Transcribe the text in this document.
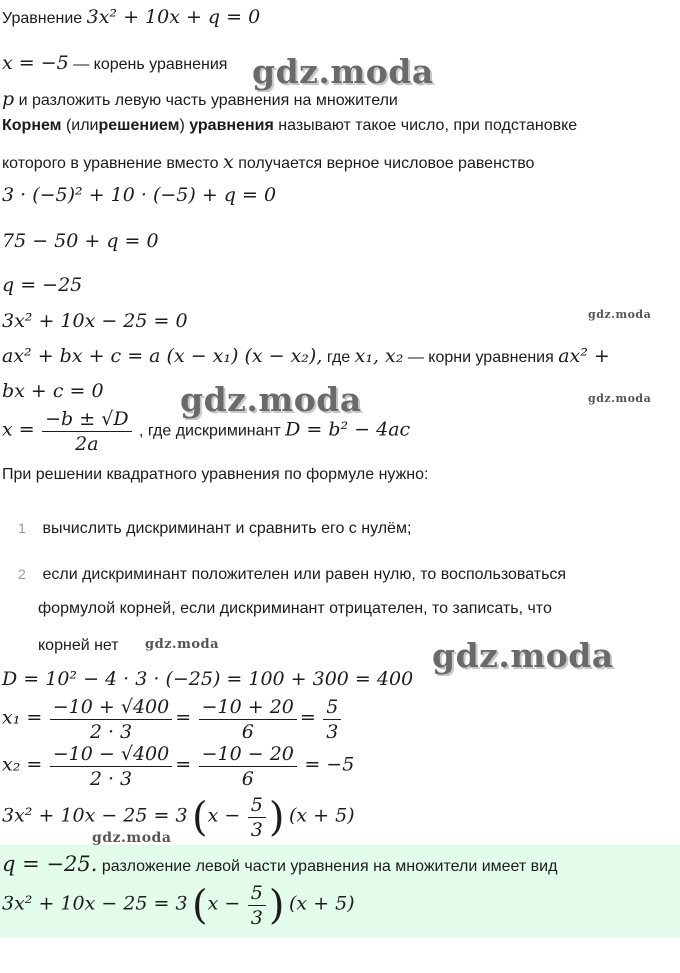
Уравнение 3x² + 10x + q = 0
x = −5 — корень уравнения
p и разложить левую часть уравнения на множители
Корнем (илирешением) уравнения называют такое число, при подстановке
которого в уравнение вместо x получается верное числовое равенство
3 · (−5)² + 10 · (−5) + q = 0
75 − 50 + q = 0
q = −25
3x² + 10x − 25 = 0
ax² + bx + c = a (x − x₁) (x − x₂), где x₁, x₂ — корни уравнения ax² +
bx + c = 0
$x = \frac{-b \pm √D}{2a}$ , где дискриминант D = b² − 4ac
При решении квадратного уравнения по формуле нужно:
1 вычислить дискриминант и сравнить его с нулём;
2 если дискриминант положителен или равен нулю, то воспользоваться
формулой корней, если дискриминант отрицателен, то записать, что
корней нет
D = 10² − 4 · 3 · (−25) = 100 + 300 = 400
$x_1 = \frac{-10 + √400}{2 \cdot 3} = \frac{-10 + 20}{6} = \frac{5}{3}$
$x_2 = \frac{-10 - √400}{2 \cdot 3} = \frac{-10 - 20}{6} = -5$
3x² + 10x − 25 = 3 ($x - \frac{5}{3}$ ) (x + 5)
q = −25. разложение левой части уравнения на множители имеет вид
3x² + 10x − 25 = 3 ($x - \frac{5}{3}$ ) (x + 5)
gdz.moda
gdz.moda
gdz.moda
gdz.moda
gdz.moda
gdz.moda
gdz.moda
